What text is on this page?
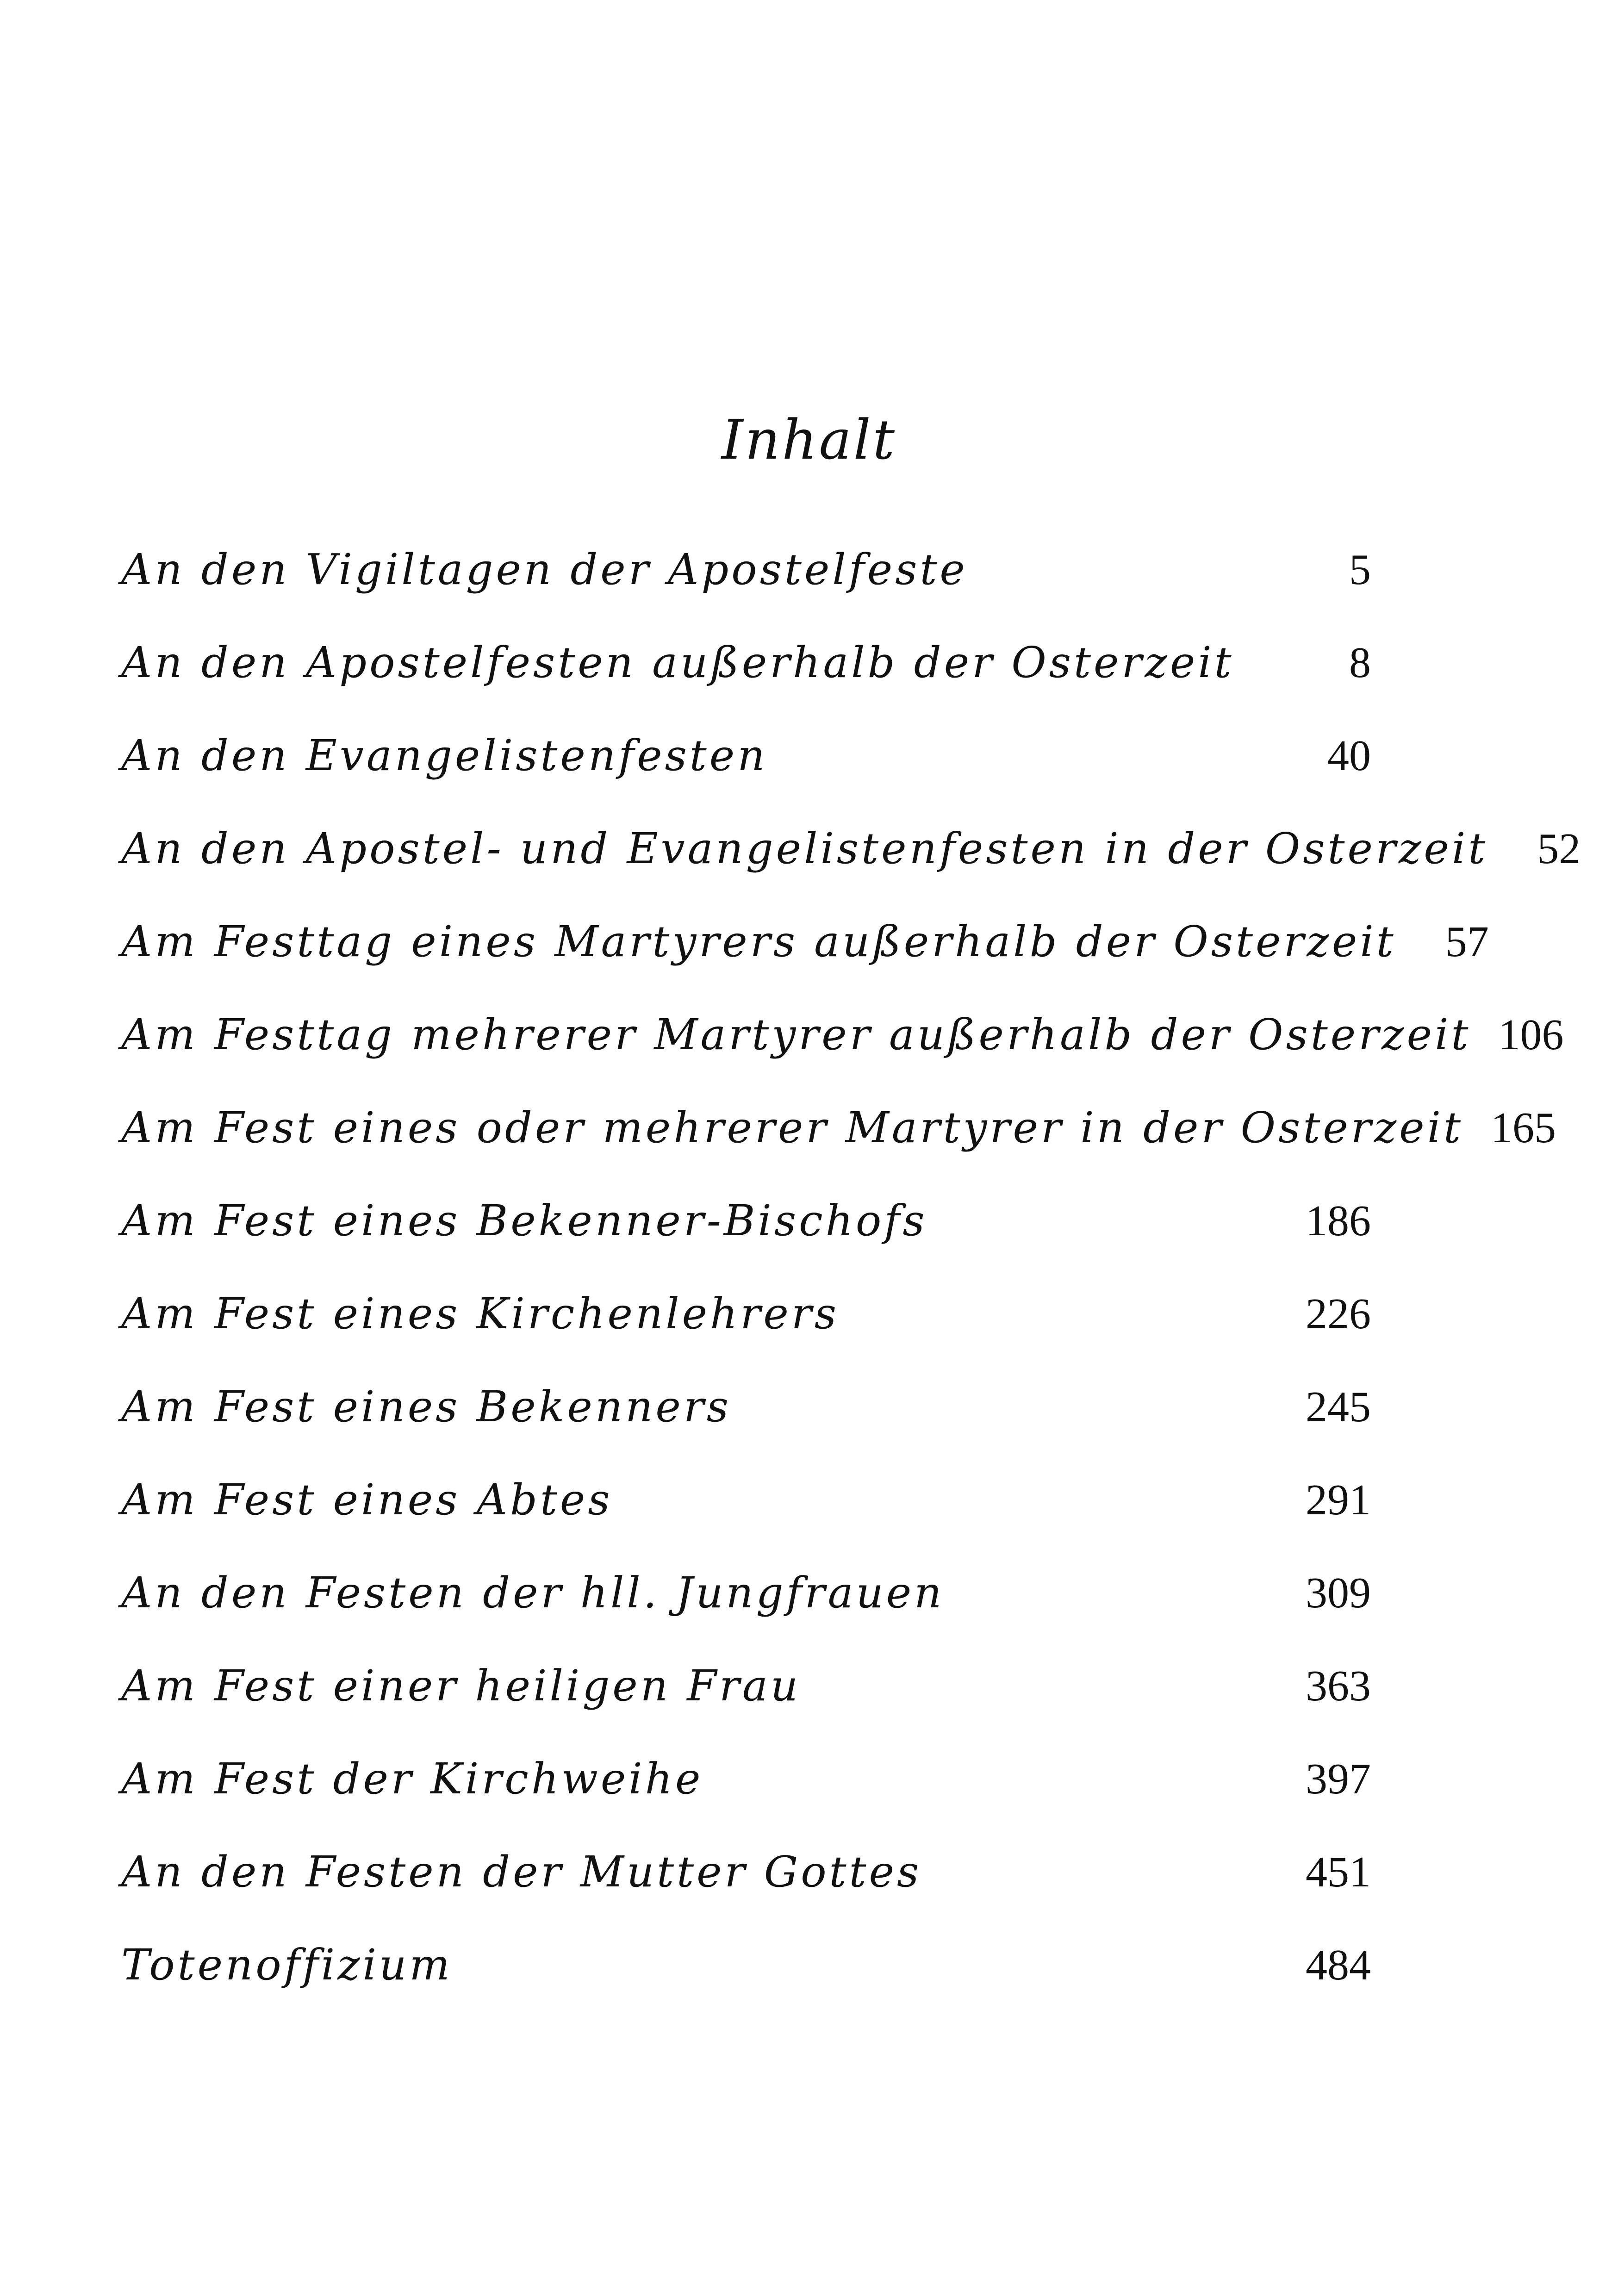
Inhalt
An den Vigiltagen der Apostelfeste	5
An den Apostelfesten außerhalb der Osterzeit	8
An den Evangelistenfesten	40
An den Apostel- und Evangelistenfesten in der Osterzeit	52
Am Festtag eines Martyrers außerhalb der Osterzeit	57
Am Festtag mehrerer Martyrer außerhalb der Osterzeit 106
Am Fest eines oder mehrerer Martyrer in der Osterzeit 165
Am Fest eines Bekenner-Bischofs	186
Am Fest eines Kirchenlehrers	226
Am Fest eines Bekenners	245
Am Fest eines Abtes	291
An den Festen der hll. Jungfrauen	309
Am Fest einer heiligen Frau	363
Am Fest der Kirchweihe	397
An den Festen der Mutter Gottes	451
Totenoffizium	484
